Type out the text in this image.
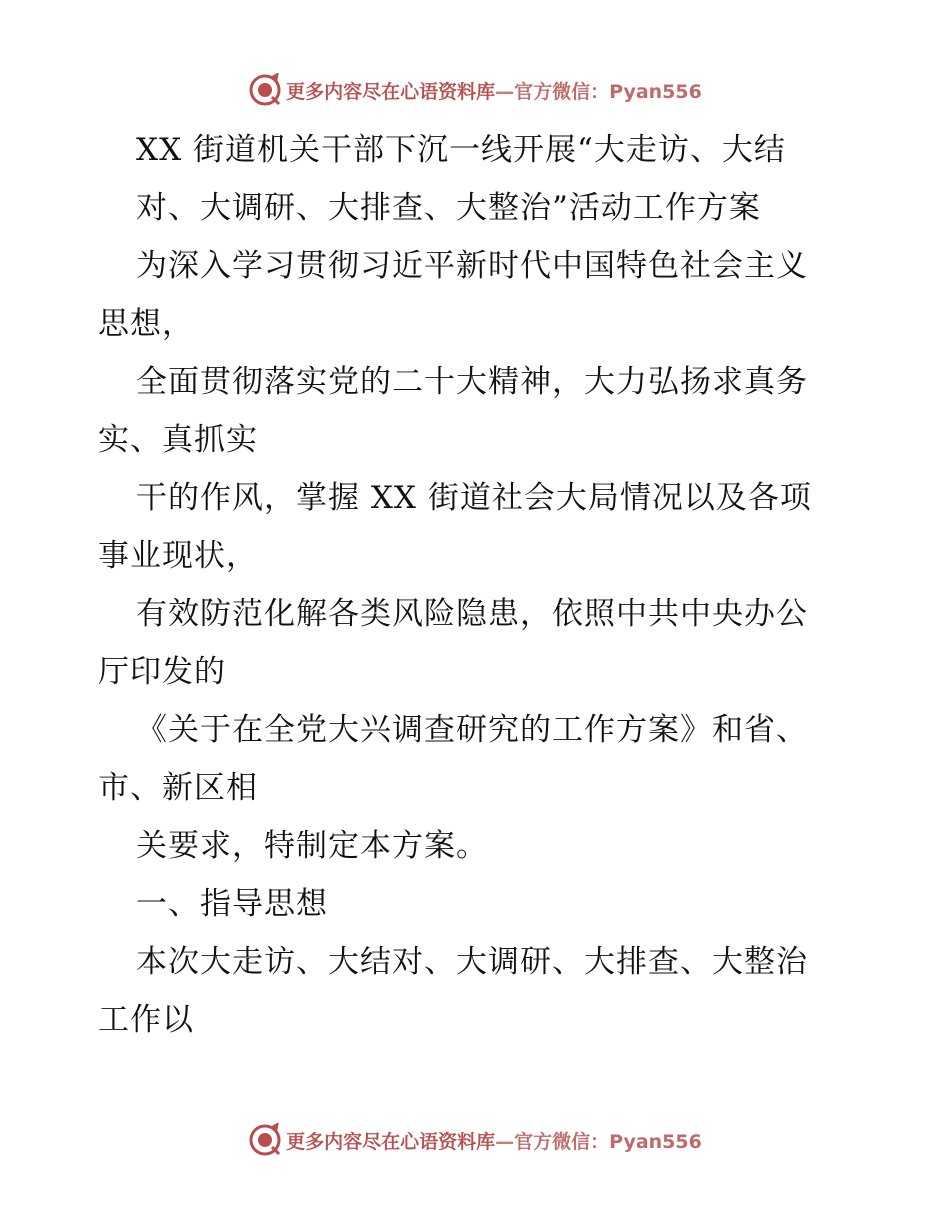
更多内容尽在心语资料库—官方微信：Pyan556

XX 街道机关干部下沉一线开展“大走访、大结

对、大调研、大排查、大整治”活动工作方案

为深入学习贯彻习近平新时代中国特色社会主义

思想，

全面贯彻落实党的二十大精神，大力弘扬求真务

实、真抓实

干的作风，掌握 XX 街道社会大局情况以及各项

事业现状，

有效防范化解各类风险隐患，依照中共中央办公

厅印发的

《关于在全党大兴调查研究的工作方案》和省、

市、新区相

关要求，特制定本方案。

一、指导思想

本次大走访、大结对、大调研、大排查、大整治

工作以

更多内容尽在心语资料库—官方微信：Pyan556
